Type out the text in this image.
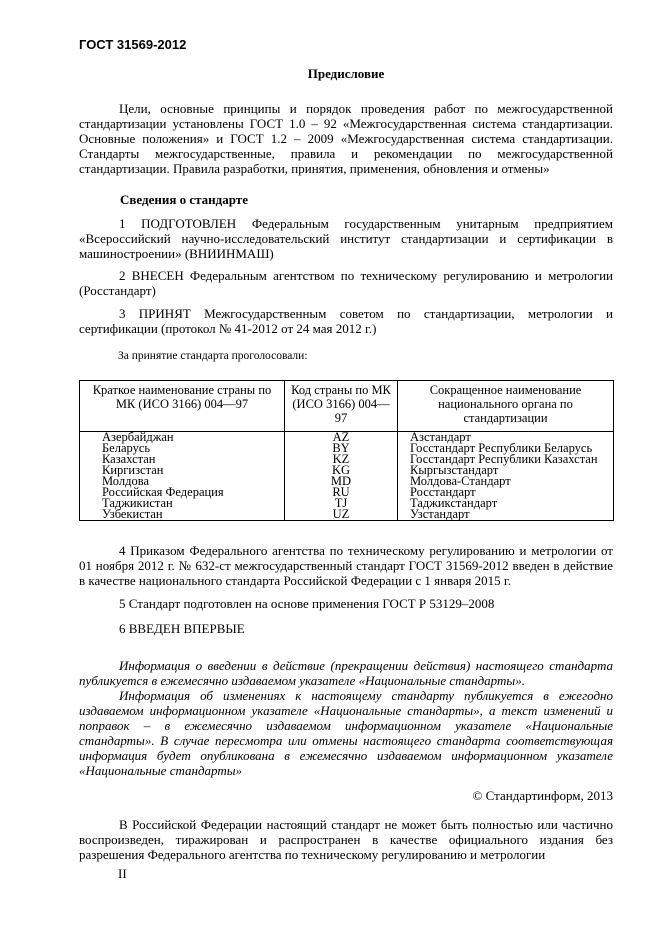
ГОСТ 31569-2012
Предисловие
Цели, основные принципы и порядок проведения работ по межгосударственной стандартизации установлены ГОСТ 1.0 – 92 «Межгосударственная система стандартизации. Основные положения» и ГОСТ 1.2 – 2009 «Межгосударственная система стандартизации. Стандарты межгосударственные, правила и рекомендации по межгосударственной стандартизации. Правила разработки, принятия, применения, обновления и отмены»
Сведения о стандарте
1 ПОДГОТОВЛЕН Федеральным государственным унитарным предприятием «Всероссийский научно-исследовательский институт стандартизации и сертификации в машиностроении» (ВНИИНМАШ)
2 ВНЕСЕН Федеральным агентством по техническому регулированию и метрологии (Росстандарт)
3 ПРИНЯТ Межгосударственным советом по стандартизации, метрологии и сертификации (протокол № 41-2012 от 24 мая 2012 г.)
За принятие стандарта проголосовали:
Краткое наименование страны по МК (ИСО 3166) 004—97	Код страны по МК (ИСО 3166) 004—97	Сокращенное наименование национального органа по стандартизации
Азербайджан	AZ	Азстандарт
Беларусь	BY	Госстандарт Республики Беларусь
Казахстан	KZ	Госстандарт Республики Казахстан
Киргизстан	KG	Кыргызстандарт
Молдова	MD	Молдова-Стандарт
Российская Федерация	RU	Росстандарт
Таджикистан	TJ	Таджикстандарт
Узбекистан	UZ	Узстандарт
4 Приказом Федерального агентства по техническому регулированию и метрологии от 01 ноября 2012 г. № 632-ст межгосударственный стандарт ГОСТ 31569-2012 введен в действие в качестве национального стандарта Российской Федерации с 1 января 2015 г.
5 Стандарт подготовлен на основе применения ГОСТ Р 53129–2008
6 ВВЕДЕН ВПЕРВЫЕ
Информация о введении в действие (прекращении действия) настоящего стандарта публикуется в ежемесячно издаваемом указателе «Национальные стандарты».
Информация об изменениях к настоящему стандарту публикуется в ежегодно издаваемом информационном указателе «Национальные стандарты», а текст изменений и поправок – в ежемесячно издаваемом информационном указателе «Национальные стандарты». В случае пересмотра или отмены настоящего стандарта соответствующая информация будет опубликована в ежемесячно издаваемом информационном указателе «Национальные стандарты»
© Стандартинформ, 2013
В Российской Федерации настоящий стандарт не может быть полностью или частично воспроизведен, тиражирован и распространен в качестве официального издания без разрешения Федерального агентства по техническому регулированию и метрологии
II
